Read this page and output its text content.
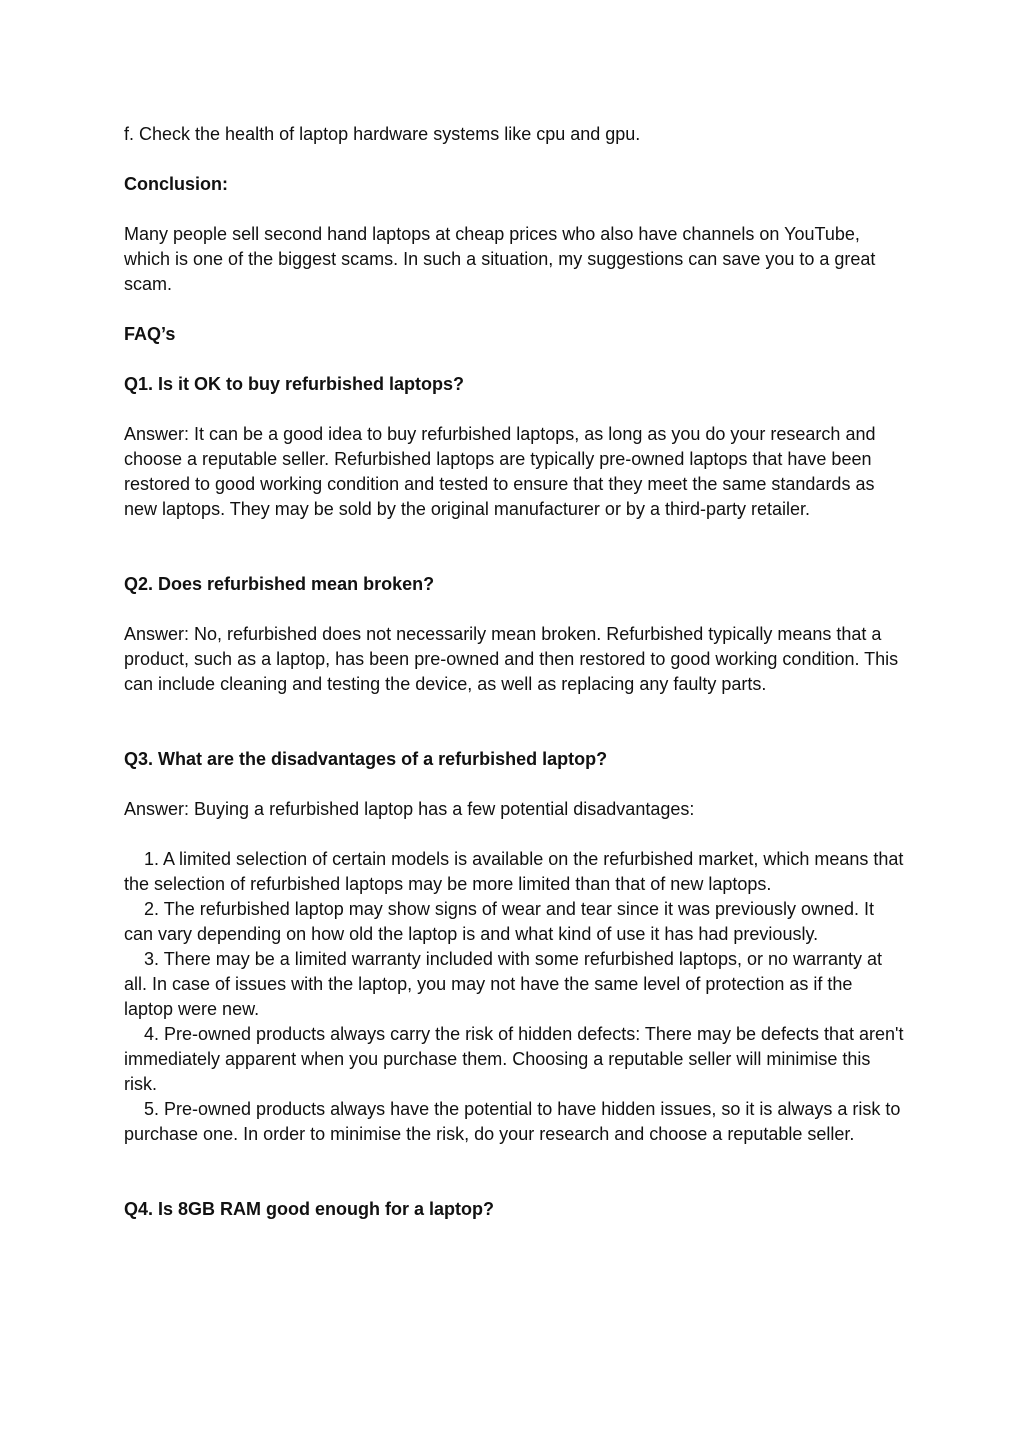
f. Check the health of laptop hardware systems like cpu and gpu.

Conclusion:

Many people sell second hand laptops at cheap prices who also have channels on YouTube, which is one of the biggest scams. In such a situation, my suggestions can save you to a great scam.

FAQ’s

Q1. Is it OK to buy refurbished laptops?

Answer: It can be a good idea to buy refurbished laptops, as long as you do your research and choose a reputable seller. Refurbished laptops are typically pre-owned laptops that have been restored to good working condition and tested to ensure that they meet the same standards as new laptops. They may be sold by the original manufacturer or by a third-party retailer.

Q2. Does refurbished mean broken?

Answer: No, refurbished does not necessarily mean broken. Refurbished typically means that a product, such as a laptop, has been pre-owned and then restored to good working condition. This can include cleaning and testing the device, as well as replacing any faulty parts.

Q3. What are the disadvantages of a refurbished laptop?

Answer: Buying a refurbished laptop has a few potential disadvantages:

1. A limited selection of certain models is available on the refurbished market, which means that the selection of refurbished laptops may be more limited than that of new laptops.

2. The refurbished laptop may show signs of wear and tear since it was previously owned. It can vary depending on how old the laptop is and what kind of use it has had previously.

3. There may be a limited warranty included with some refurbished laptops, or no warranty at all. In case of issues with the laptop, you may not have the same level of protection as if the laptop were new.

4. Pre-owned products always carry the risk of hidden defects: There may be defects that aren't immediately apparent when you purchase them. Choosing a reputable seller will minimise this risk.

5. Pre-owned products always have the potential to have hidden issues, so it is always a risk to purchase one. In order to minimise the risk, do your research and choose a reputable seller.

Q4. Is 8GB RAM good enough for a laptop?
